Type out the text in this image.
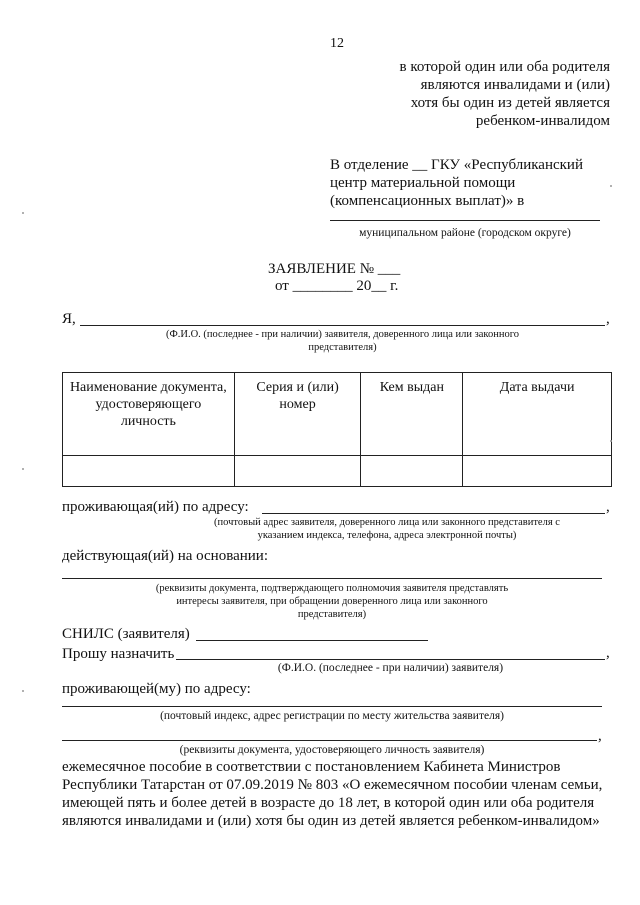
12
в которой один или оба родителя
являются инвалидами и (или)
хотя бы один из детей является
ребенком-инвалидом
В отделение __ ГКУ «Республиканский
центр материальной помощи
(компенсационных выплат)» в
муниципальном районе (городском округе)
ЗАЯВЛЕНИЕ № ___
от ________ 20__ г.
Я,	,
(Ф.И.О. (последнее - при наличии) заявителя, доверенного лица или законного
представителя)
Наименование документа, удостоверяющего личность	Серия и (или) номер	Кем выдан	Дата выдачи

проживающая(ий) по адресу:	,
(почтовый адрес заявителя, доверенного лица или законного представителя с
указанием индекса, телефона, адреса электронной почты)
действующая(ий) на основании:
(реквизиты документа, подтверждающего полномочия заявителя представлять
интересы заявителя, при обращении доверенного лица или законного
представителя)
СНИЛС (заявителя)
Прошу назначить	,
(Ф.И.О. (последнее - при наличии) заявителя)
проживающей(му) по адресу:
(почтовый индекс, адрес регистрации по месту жительства заявителя)
,
(реквизиты документа, удостоверяющего личность заявителя)
ежемесячное пособие в соответствии с постановлением Кабинета Министров
Республики Татарстан от 07.09.2019 № 803 «О ежемесячном пособии членам семьи,
имеющей пять и более детей в возрасте до 18 лет, в которой один или оба родителя
являются инвалидами и (или) хотя бы один из детей является ребенком-инвалидом»
